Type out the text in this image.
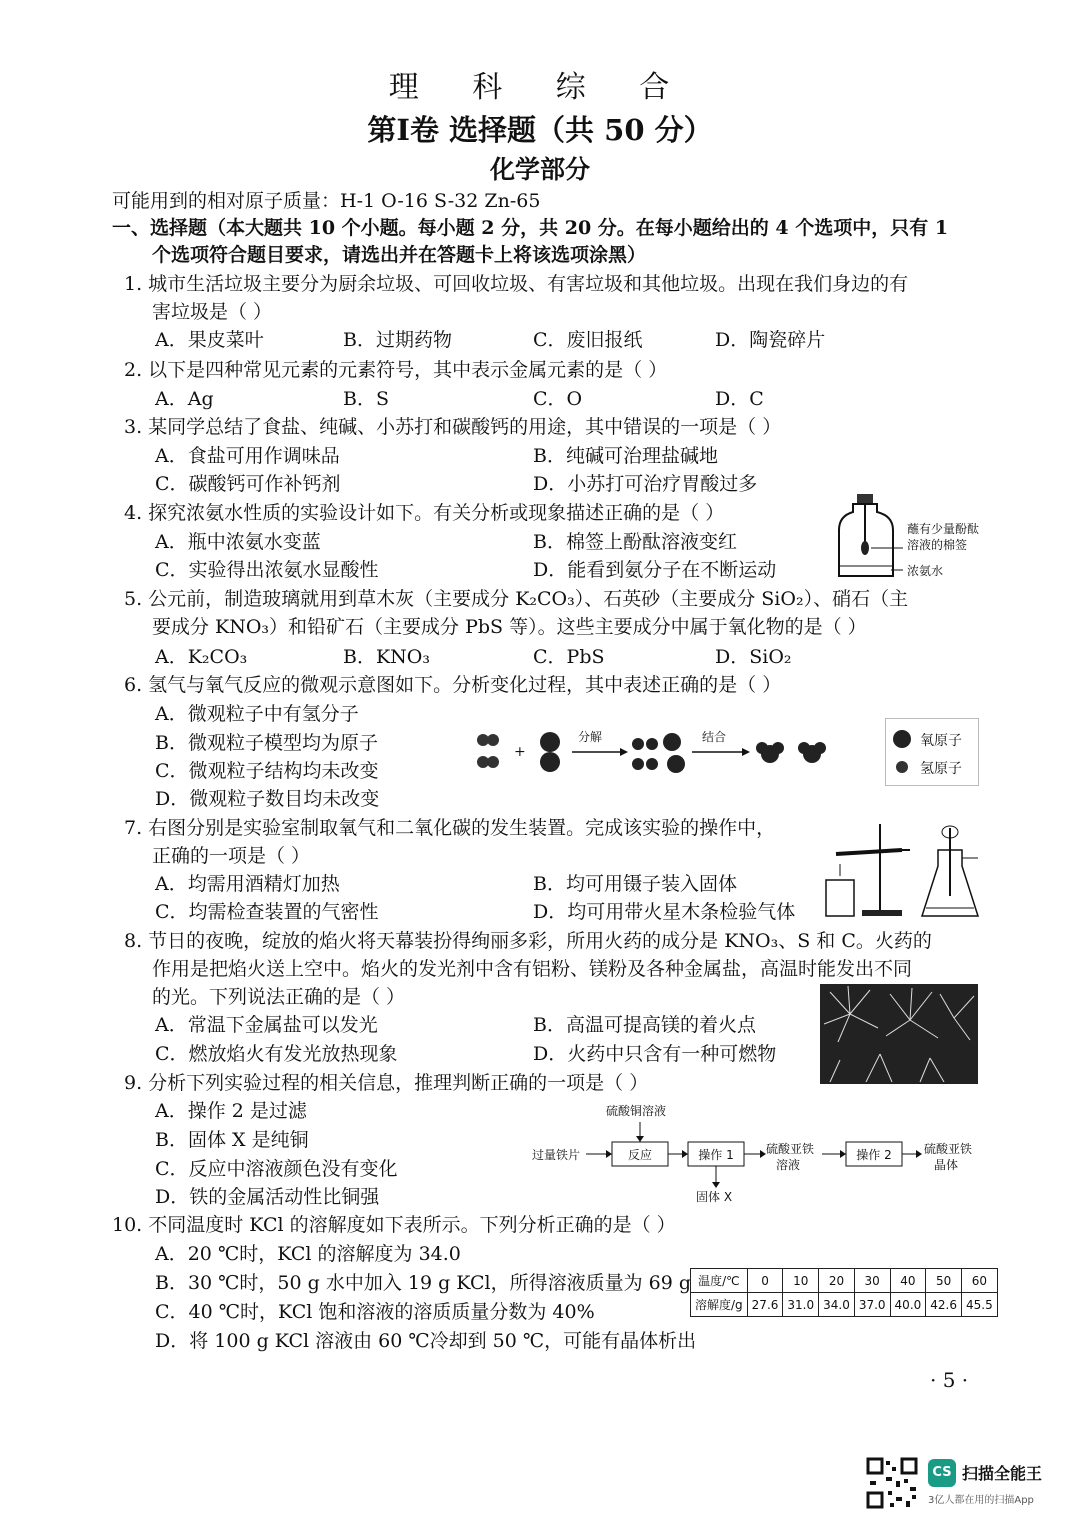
理 科 综 合
第Ⅰ卷 选择题（共 50 分）
化学部分
可能用到的相对原子质量：H-1 O-16 S-32 Zn-65
一、选择题（本大题共 10 个小题。每小题 2 分，共 20 分。在每小题给出的 4 个选项中，只有 1
个选项符合题目要求，请选出并在答题卡上将该选项涂黑）
1. 城市生活垃圾主要分为厨余垃圾、可回收垃圾、有害垃圾和其他垃圾。出现在我们身边的有
害垃圾是（ ）
A．果皮菜叶	B．过期药物	C．废旧报纸	D．陶瓷碎片
2. 以下是四种常见元素的元素符号，其中表示金属元素的是（ ）
A．Ag	B．S	C．O	D．C
3. 某同学总结了食盐、纯碱、小苏打和碳酸钙的用途，其中错误的一项是（ ）
A．食盐可用作调味品	B．纯碱可治理盐碱地
C．碳酸钙可作补钙剂	D．小苏打可治疗胃酸过多
4. 探究浓氨水性质的实验设计如下。有关分析或现象描述正确的是（ ）
A．瓶中浓氨水变蓝	B．棉签上酚酞溶液变红
C．实验得出浓氨水显酸性	D．能看到氨分子在不断运动
蘸有少量酚酞
溶液的棉签
浓氨水
5. 公元前，制造玻璃就用到草木灰（主要成分 K₂CO₃）、石英砂（主要成分 SiO₂）、硝石（主
要成分 KNO₃）和铅矿石（主要成分 PbS 等）。这些主要成分中属于氧化物的是（ ）
A．K₂CO₃	B．KNO₃	C．PbS	D．SiO₂
6. 氢气与氧气反应的微观示意图如下。分析变化过程，其中表述正确的是（ ）
A．微观粒子中有氢分子
B．微观粒子模型均为原子
C．微观粒子结构均未改变
D．微观粒子数目均未改变
+
分解	结合	氧原子
氢原子
7. 右图分别是实验室制取氧气和二氧化碳的发生装置。完成该实验的操作中，
正确的一项是（ ）
A．均需用酒精灯加热	B．均可用镊子装入固体
C．均需检查装置的气密性	D．均可用带火星木条检验气体
8. 节日的夜晚，绽放的焰火将天幕装扮得绚丽多彩，所用火药的成分是 KNO₃、S 和 C。火药的
作用是把焰火送上空中。焰火的发光剂中含有铝粉、镁粉及各种金属盐，高温时能发出不同
的光。下列说法正确的是（ ）
A．常温下金属盐可以发光	B．高温可提高镁的着火点
C．燃放焰火有发光放热现象	D．火药中只含有一种可燃物
9. 分析下列实验过程的相关信息，推理判断正确的一项是（ ）
A．操作 2 是过滤
B．固体 X 是纯铜
C．反应中溶液颜色没有变化
D．铁的金属活动性比铜强
硫酸铜溶液
过量铁片	反应	操作 1	硫酸亚铁
溶液
操作 2	硫酸亚铁
晶体
固体 X
10. 不同温度时 KCl 的溶解度如下表所示。下列分析正确的是（ ）
A．20 ℃时，KCl 的溶解度为 34.0
B．30 ℃时，50 g 水中加入 19 g KCl，所得溶液质量为 69 g
C．40 ℃时，KCl 饱和溶液的溶质质量分数为 40%
D．将 100 g KCl 溶液由 60 ℃冷却到 50 ℃，可能有晶体析出
温度/℃	0	10	20	30	40	50	60
溶解度/g	27.6	31.0	34.0	37.0	40.0	42.6	45.5
· 5 ·
CS 扫描全能王
3亿人都在用的扫描App
